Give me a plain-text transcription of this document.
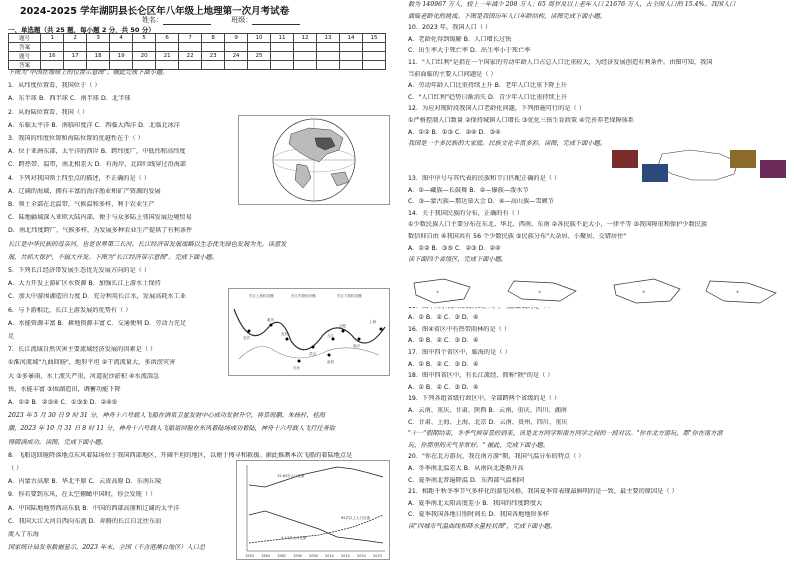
2024-2025 学年湖阴县长仑区年八年级上地理第一次月考试卷
姓名：	班级：
一、单选题（共 25 题，每小题 2 分，共 50 分）
题号	1	2	3	4	5	6	7	8	9	10	11	12	13	14	15
答案															
题号	16	17	18	19	20	21	22	23	24	25					
答案															
下图为"中国在地球上的位置示意图"。据此完成下面小题。
1．从纬度位置看，我国位于（ ）
A．东半球 B．西半球 C．南半球 D．北半球
2．从海陆位置看，我国（ ）
A．东临太平洋 B．南临印度洋 C．西临大西洋 D．北临北冰洋
3．我国的纬度位置和海陆位置的优越性在于（ ）
A．位于亚洲东部，太平洋的西岸 B．跨纬度广，中低纬和高纬度
C．跨热带、温带，南北相差大 D．有海岸，北回归线穿过沿海部
4．下列对我国领土四至点的描述，不正确的是（ ）
A．辽阔的海域，拥有丰富的海洋渔业和矿产资源的发展
B．领土全部在北温带，气候温和多样，利于农业生产
C．陆地疆域深入亚欧大陆内部，便于与众多陆上邻国发展边境贸易
D．南北纬度跨广，气候多样，为发展多种农业生产提供了有利条件
长江是中华民族的母亲河，也是世界第三长河。长江经济带发展战略以生态优先绿色发展为先。读意发
展，共抓大保护，不搞大开发。下图为"长江经济带示意图"。完成下面小题。
5．下列长江经济带发展生态优先发展方向的是（ ）
A．大力开发上游矿区水资源 B．加强长江上游水土保持
C．加大中游围湖造田力度 D．充分利用长江水，发展高耗水工业
6．与下游相比，长江上游发展的优势有（ ）
A．水能资源丰富 B．耕地资源丰富 C．交通便利 D．劳动力充足
足
7．长江流域自然灾害主要流域经济发展的因素是（ ）
①淮河流域"九曲回肠"，地形平坦 ②干流流量大，多洪涝灾害
大 ③多暴雨，水土流失严重，河道泥沙淤积 ④水流湍急
快，水能丰富 ⑤围湖造田，调蓄功能下降
A．①② B．②③④ C．①③⑤ D．②④⑤
2023 年 5 月 30 日 9 时 31 分，神舟十六号载人飞船在酒泉卫星发射中心成功发射升空，将景海鹏、朱杨柱、桂海
潮，2023 年 10 月 31 日 8 时 11 分，神舟十六号载人飞船返回舱在东风着陆场成功着陆，神舟十六号载人飞行任务取
得圆满成功。读图，完成下面小题。
8．飞船返回舱降落地点东风着陆场位于我国西部地区，开阔平坦的地区，以便于搜寻和救援。据此推测本次飞船的着陆地点是
（ ）
A．内蒙古高原 B．华北平原 C．云贵高原 D．东南丘陵
9．你若要到东风，在太空俯瞰中国时，你会发现（ ）
A．中国陆地地势西高东低 B．中国的西部高原和辽阔的太平洋
C．我国大江大河自西向东流 D．奔腾的长江自北往东而
流入了东海
国家统计局发布数据显示，2023 年末，全国（不含港澳台地区）人口总
长江上游经济圈	长江中游经济圈	长江下游经济圈
宜宾
重庆
武汉
长沙
南昌
合肥
南京
上海
宜昌	九江
15-64岁人口比重
65岁以上人口比重
0-14岁人口比重
1953 1964 1982 1990 2000 2010 2015 2020 2023
数为 140967 万人，较上一年减少 208 万人；65 周岁及以上老年人口 21676 万人，占全国人口的 15.4%。我国人口
面临老龄化的挑战。下图是我国历年人口年龄结构，读图完成下面小题。
10．2023 年，我国人口（ ）
A．老龄化得到缓解 B．人口增长过快
C．出生率大于死亡率 D．出生率小于死亡率
11．"人口红利"是指在一个国家的劳动年龄人口占总人口比重较大，为经济发展创造有利条件。由图可知，我国
当前面临的主要人口问题是（ ）
A．劳动年龄人口比重持续上升 B．老年人口比重下降上升
C．"人口红利"趋势日渐消失 D．青少年人口比重持续上升
12．为应对现阶段我国人口老龄化问题，下列措施可行的是（ ）
①严格控制人口数量 ②保持城镇人口增长 ③优化三孩生育政策 ④完善养老保障体系
A．①② B．①③ C．②④ D．③④
我国是一个多民族的大家庭。民族文化丰富多彩。读图，完成下面小题。
13．图中序号与其代表的民族和节日匹配正确的是（ ）
A．①—藏族—长鼓舞 B．②—傣族—泼水节
C．③—蒙古族—那达慕大会 D．④—高山族—雪顿节
14．关于我国民族的分布，正确的有（ ）
①少数民族人口主要分布在东北、华北、西南、东南 ②各民族不论大小，一律平等 ③我国障重和保护少数民族
数信仰自由 ④我国共有 56 个少数民族 ⑤民族分布"大杂居、小聚居、交错居住"
A．①② B．③⑤ C．②③ D．②④
读下面四个省级区，完成下面小题。
A．① B．② C．③ D．④
16．图④省区中有热带雨林的是（ ）
A．① B．② C．③ D．④
17．图中四个省区中，临海的是（ ）
A．① B．② C．③ D．④
18．图中四省区中，有长江流经、简称"陕"的是（ ）
A．① B．② C．③ D．④
19．下列各组省级行政区中，全部跨两个省级的是（ ）
A．云南、重庆、甘肃、陕西 B．云南、重庆、四川、湖南
C．甘肃、上海、上海、北京 D．云南、贵州、四川、重庆
"十一"假期结束，冬季气候带景的到来。该是北方同学和南方同学之间的一段对话。"你在北方游玩，都"你在南方游
玩，你那里的天气非常好。" 据此，完成下面小题。
20．"你在北方游玩，我在南方游"期，我国气温分布的特点（ ）
A．冬季南北温差大 B．从南向北逐渐升高
C．夏季南北普遍降温 D．东西部气温相同
21．相距千秋冬季节气多样化的游览风格，我国夏季常表现最鲜明的是一致，最主要的原因是（ ）
A．夏季南北太阳高度差小 B．我国的纬度跨度大
C．夏季我国各地日照时间长 D．我国各地地形多样
读"四城市气温曲线和降水量柱状图"，完成下面小题。
①	②	③	④
